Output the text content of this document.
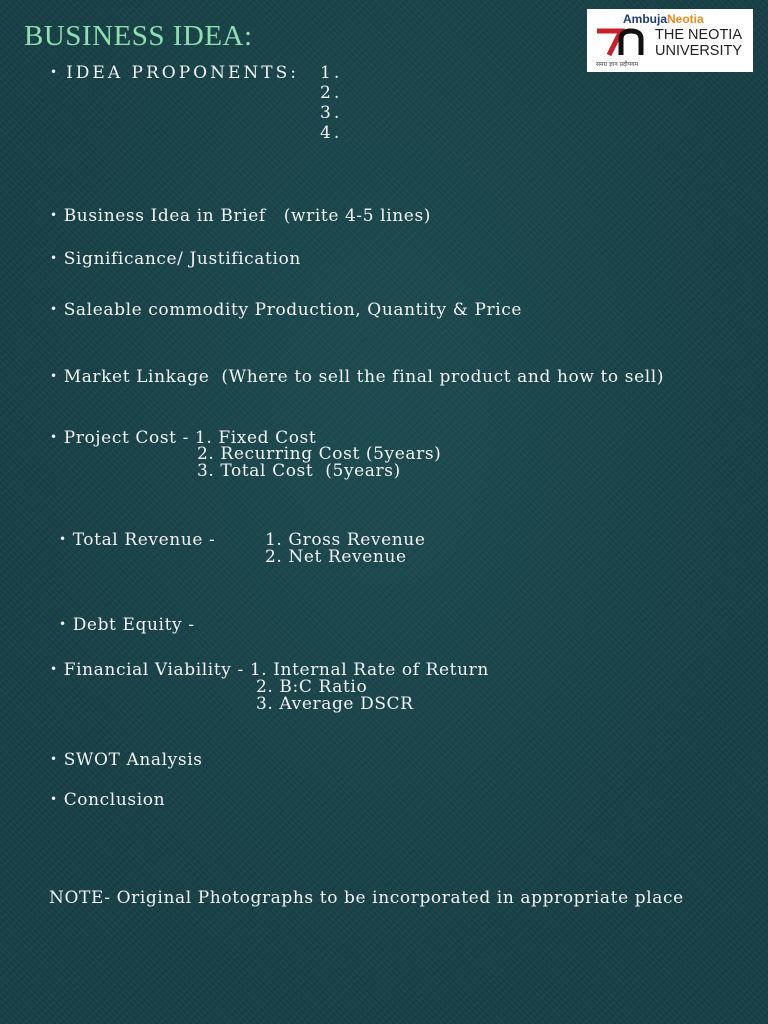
BUSINESS IDEA:
AmbujaNeotia
THE NEOTIA
UNIVERSITY
समग्र ज्ञान प्रदीपयम
• IDEA PROPONENTS: 1.
2.
3.
4.
• Business Idea in Brief   (write 4-5 lines)
• Significance/ Justification
• Saleable commodity Production, Quantity & Price
• Market Linkage  (Where to sell the final product and how to sell)
• Project Cost - 1. Fixed Cost
2. Recurring Cost (5years)
3. Total Cost  (5years)
• Total Revenue -	1. Gross Revenue
2. Net Revenue
• Debt Equity -
• Financial Viability - 1. Internal Rate of Return
2. B:C Ratio
3. Average DSCR
• SWOT Analysis
• Conclusion
NOTE- Original Photographs to be incorporated in appropriate place
